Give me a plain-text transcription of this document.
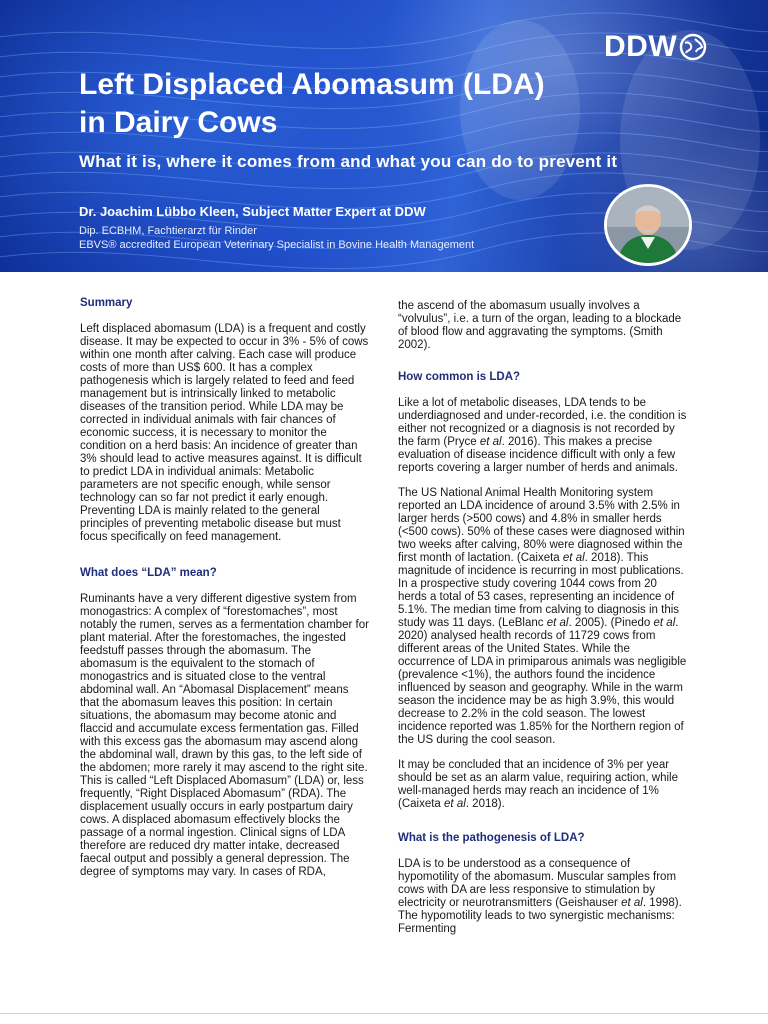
DDW
Left Displaced Abomasum (LDA)
in Dairy Cows

What it is, where it comes from and what you can do to prevent it

Dr. Joachim Lübbo Kleen, Subject Matter Expert at DDW

Dip. ECBHM, Fachtierarzt für Rinder
EBVS® accredited European Veterinary Specialist in Bovine Health Management
Summary

Left displaced abomasum (LDA) is a frequent and costly disease. It may be expected to occur in 3% - 5% of cows within one month after calving. Each case will produce costs of more than US$ 600. It has a complex pathogenesis which is largely related to feed and feed management but is intrinsically linked to metabolic diseases of the transition period. While LDA may be corrected in individual animals with fair chances of economic success, it is necessary to monitor the condition on a herd basis: An incidence of greater than 3% should lead to active measures against. It is difficult to predict LDA in individual animals: Metabolic parameters are not specific enough, while sensor technology can so far not predict it early enough. Preventing LDA is mainly related to the general principles of preventing metabolic disease but must focus specifically on feed management.

What does “LDA” mean?

Ruminants have a very different digestive system from monogastrics: A complex of “forestomaches”, most notably the rumen, serves as a fermentation chamber for plant material. After the forestomaches, the ingested feedstuff passes through the abomasum. The abomasum is the equivalent to the stomach of monogastrics and is situated close to the ventral abdominal wall. An “Abomasal Displacement” means that the abomasum leaves this position: In certain situations, the abomasum may become atonic and flaccid and accumulate excess fermentation gas. Filled with this excess gas the abomasum may ascend along the abdominal wall, drawn by this gas, to the left side of the abdomen; more rarely it may ascend to the right site. This is called “Left Displaced Abomasum” (LDA) or, less frequently, “Right Displaced Abomasum” (RDA). The displacement usually occurs in early postpartum dairy cows. A displaced abomasum effectively blocks the passage of a normal ingestion. Clinical signs of LDA therefore are reduced dry matter intake, decreased faecal output and possibly a general depression. The degree of symptoms may vary. In cases of RDA,

the ascend of the abomasum usually involves a “volvulus”, i.e. a turn of the organ, leading to a blockade of blood flow and aggravating the symptoms. (Smith 2002).

How common is LDA?

Like a lot of metabolic diseases, LDA tends to be underdiagnosed and under-recorded, i.e. the condition is either not recognized or a diagnosis is not recorded by the farm (Pryce et al. 2016). This makes a precise evaluation of disease incidence difficult with only a few reports covering a larger number of herds and animals.

The US National Animal Health Monitoring system reported an LDA incidence of around 3.5% with 2.5% in larger herds (>500 cows) and 4.8% in smaller herds (<500 cows). 50% of these cases were diagnosed within two weeks after calving, 80% were diagnosed within the first month of lactation. (Caixeta et al. 2018). This magnitude of incidence is recurring in most publications. In a prospective study covering 1044 cows from 20 herds a total of 53 cases, representing an incidence of 5.1%. The median time from calving to diagnosis in this study was 11 days. (LeBlanc et al. 2005). (Pinedo et al. 2020) analysed health records of 11729 cows from different areas of the United States. While the occurrence of LDA in primiparous animals was negligible (prevalence <1%), the authors found the incidence influenced by season and geography. While in the warm season the incidence may be as high 3.9%, this would decrease to 2.2% in the cold season. The lowest incidence reported was 1.85% for the Northern region of the US during the cool season.

It may be concluded that an incidence of 3% per year should be set as an alarm value, requiring action, while well-managed herds may reach an incidence of 1% (Caixeta et al. 2018).

What is the pathogenesis of LDA?

LDA is to be understood as a consequence of hypomotility of the abomasum. Muscular samples from cows with DA are less responsive to stimulation by electricity or neurotransmitters (Geishauser et al. 1998). The hypomotility leads to two synergistic mechanisms: Fermenting
